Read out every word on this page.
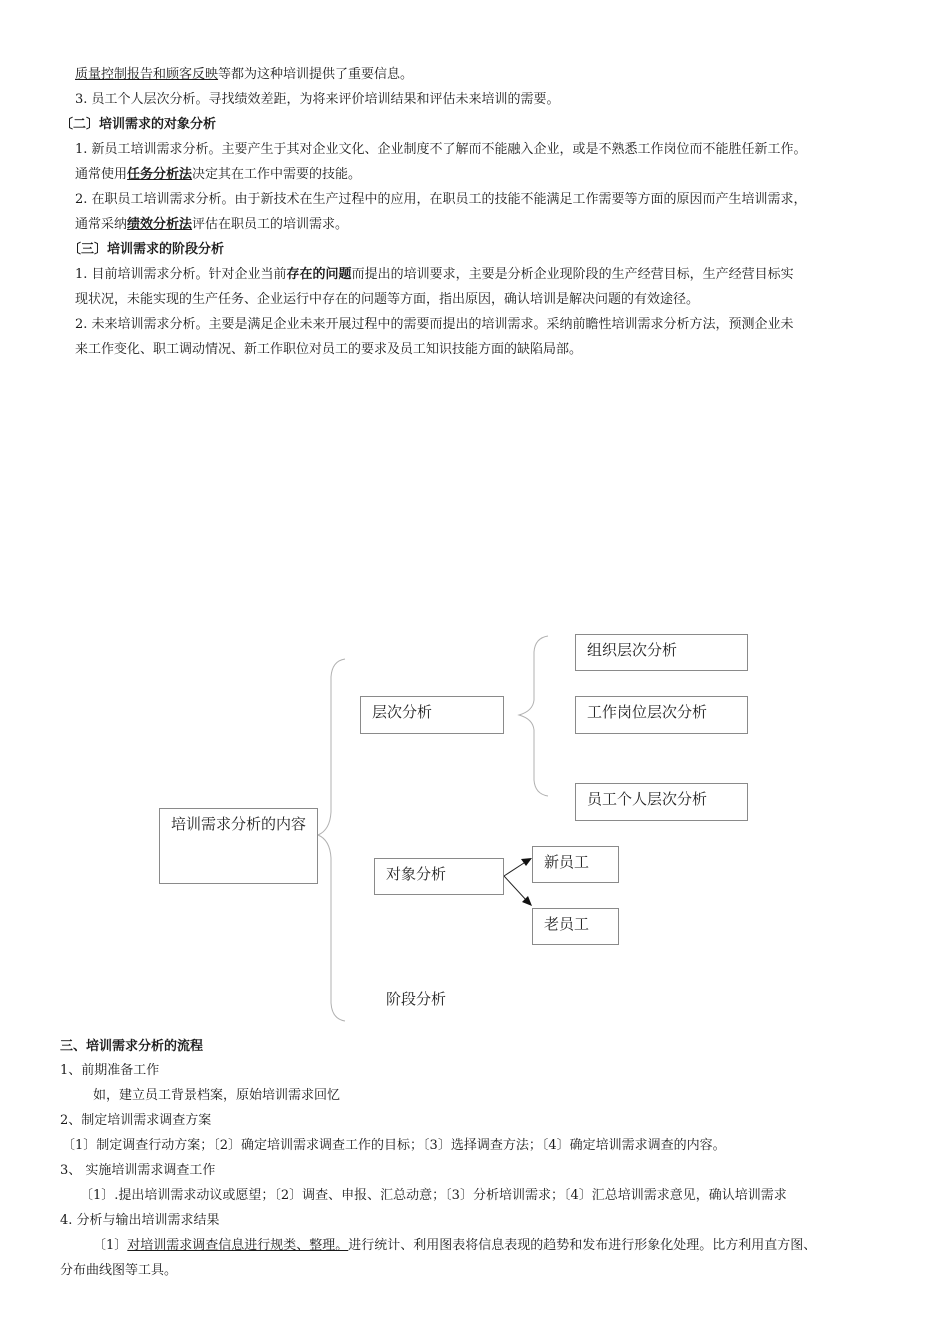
质量控制报告和顾客反映等都为这种培训提供了重要信息。
3. 员工个人层次分析。寻找绩效差距，为将来评价培训结果和评估未来培训的需要。
〔二〕培训需求的对象分析
1. 新员工培训需求分析。主要产生于其对企业文化、企业制度不了解而不能融入企业，或是不熟悉工作岗位而不能胜任新工作。
通常使用任务分析法决定其在工作中需要的技能。
2. 在职员工培训需求分析。由于新技术在生产过程中的应用，在职员工的技能不能满足工作需要等方面的原因而产生培训需求，
通常采纳绩效分析法评估在职员工的培训需求。
〔三〕培训需求的阶段分析
1. 目前培训需求分析。针对企业当前存在的问题而提出的培训要求，主要是分析企业现阶段的生产经营目标，生产经营目标实
现状况，未能实现的生产任务、企业运行中存在的问题等方面，指出原因，确认培训是解决问题的有效途径。
2. 未来培训需求分析。主要是满足企业未来开展过程中的需要而提出的培训需求。采纳前瞻性培训需求分析方法，预测企业未
来工作变化、职工调动情况、新工作职位对员工的要求及员工知识技能方面的缺陷局部。
培训需求分析的内容
层次分析
组织层次分析
工作岗位层次分析
员工个人层次分析
对象分析
新员工
老员工
阶段分析
三、培训需求分析的流程
1、前期准备工作
如，建立员工背景档案，原始培训需求回忆
2、制定培训需求调查方案
〔1〕制定调查行动方案；〔2〕确定培训需求调查工作的目标；〔3〕选择调查方法；〔4〕确定培训需求调查的内容。
3、 实施培训需求调查工作
〔1〕.提出培训需求动议或愿望；〔2〕调查、申报、汇总动意；〔3〕分析培训需求；〔4〕汇总培训需求意见，确认培训需求
4. 分析与输出培训需求结果
〔1〕对培训需求调查信息进行规类、整理。进行统计、利用图表将信息表现的趋势和发布进行形象化处理。比方利用直方图、
分布曲线图等工具。
